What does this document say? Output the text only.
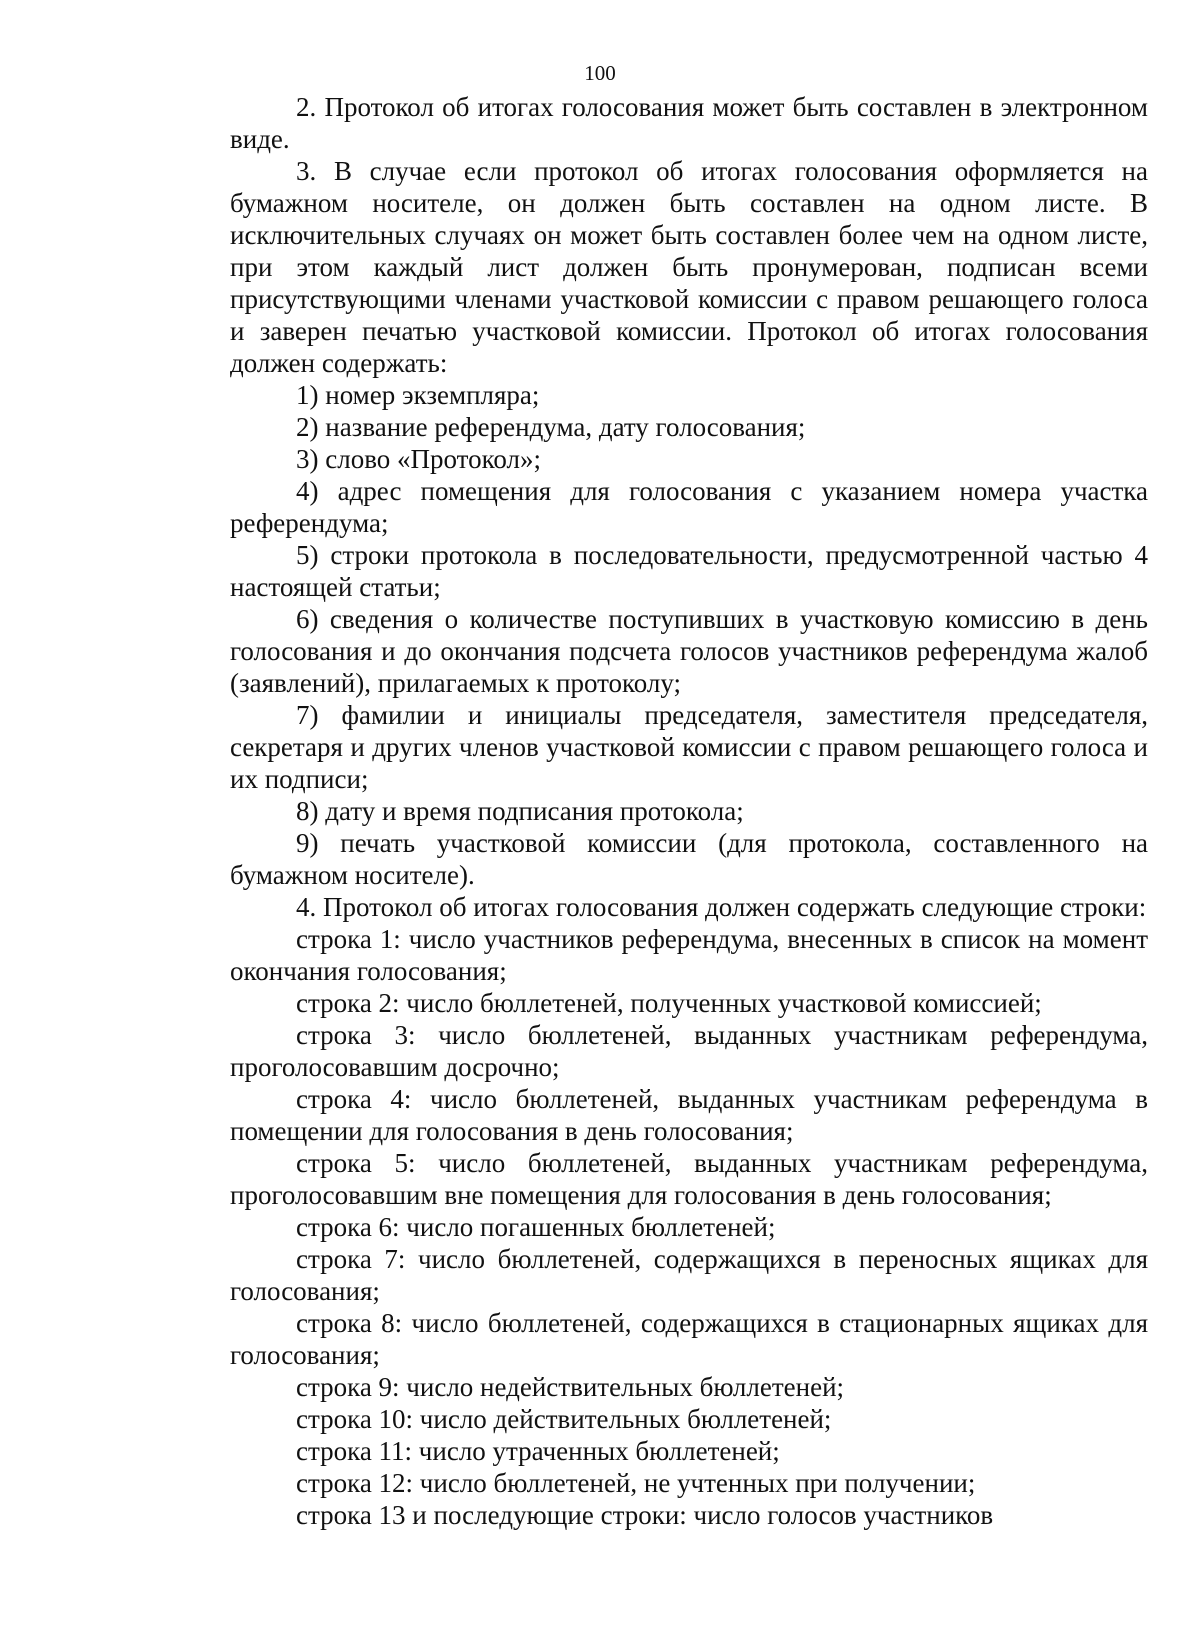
100

2. Протокол об итогах голосования может быть составлен в электронном виде.

3. В случае если протокол об итогах голосования оформляется на бумажном носителе, он должен быть составлен на одном листе. В исключительных случаях он может быть составлен более чем на одном листе, при этом каждый лист должен быть пронумерован, подписан всеми присутствующими членами участковой комиссии с правом решающего голоса и заверен печатью участковой комиссии. Протокол об итогах голосования должен содержать:

1) номер экземпляра;

2) название референдума, дату голосования;

3) слово «Протокол»;

4) адрес помещения для голосования с указанием номера участка референдума;

5) строки протокола в последовательности, предусмотренной частью 4 настоящей статьи;

6) сведения о количестве поступивших в участковую комиссию в день голосования и до окончания подсчета голосов участников референдума жалоб (заявлений), прилагаемых к протоколу;

7) фамилии и инициалы председателя, заместителя председателя, секретаря и других членов участковой комиссии с правом решающего голоса и их подписи;

8) дату и время подписания протокола;

9) печать участковой комиссии (для протокола, составленного на бумажном носителе).

4. Протокол об итогах голосования должен содержать следующие строки:

строка 1: число участников референдума, внесенных в список на момент окончания голосования;

строка 2: число бюллетеней, полученных участковой комиссией;

строка 3: число бюллетеней, выданных участникам референдума, проголосовавшим досрочно;

строка 4: число бюллетеней, выданных участникам референдума в помещении для голосования в день голосования;

строка 5: число бюллетеней, выданных участникам референдума, проголосовавшим вне помещения для голосования в день голосования;

строка 6: число погашенных бюллетеней;

строка 7: число бюллетеней, содержащихся в переносных ящиках для голосования;

строка 8: число бюллетеней, содержащихся в стационарных ящиках для голосования;

строка 9: число недействительных бюллетеней;

строка 10: число действительных бюллетеней;

строка 11: число утраченных бюллетеней;

строка 12: число бюллетеней, не учтенных при получении;

строка 13 и последующие строки: число голосов участников
